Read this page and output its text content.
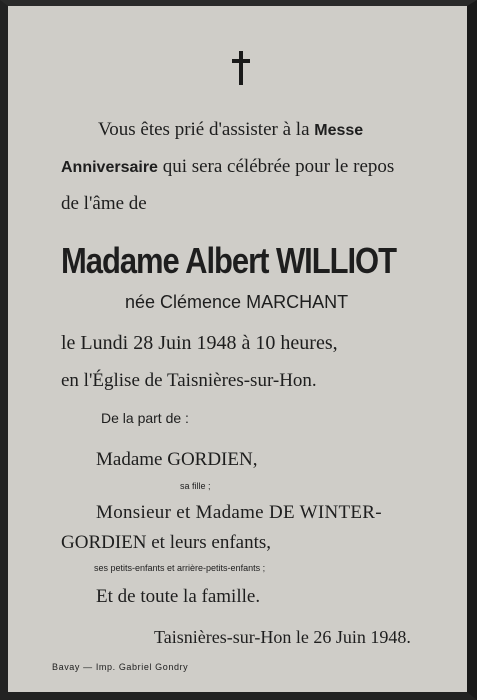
Vous êtes prié d'assister à la Messe
Anniversaire qui sera célébrée pour le repos
de l'âme de
Madame Albert WILLIOT
née Clémence MARCHANT
le Lundi 28 Juin 1948 à 10 heures,
en l'Église de Taisnières-sur-Hon.
De la part de :
Madame GORDIEN,
sa fille ;
Monsieur et Madame DE WINTER-
GORDIEN et leurs enfants,
ses petits-enfants et arrière-petits-enfants ;
Et de toute la famille.
Taisnières-sur-Hon le 26 Juin 1948.
Bavay — Imp. Gabriel Gondry
